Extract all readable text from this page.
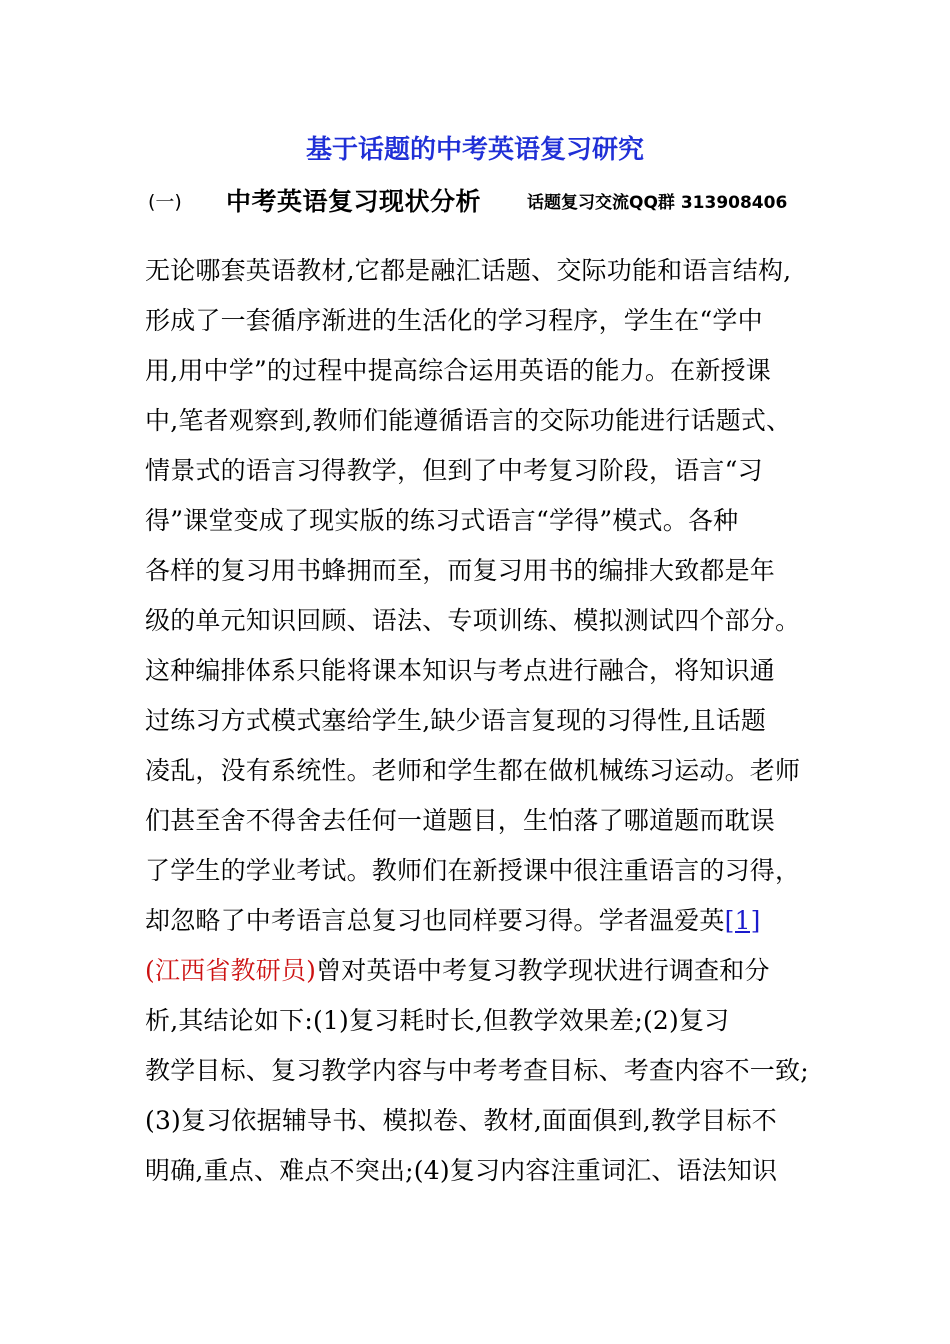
基于话题的中考英语复习研究
(一)	中考英语复习现状分析	话题复习交流QQ群 313908406
无论哪套英语教材,它都是融汇话题、交际功能和语言结构,
形成了一套循序渐进的生活化的学习程序，学生在“学中
用,用中学”的过程中提高综合运用英语的能力。在新授课
中,笔者观察到,教师们能遵循语言的交际功能进行话题式、
情景式的语言习得教学，但到了中考复习阶段，语言“习
得”课堂变成了现实版的练习式语言“学得”模式。各种
各样的复习用书蜂拥而至，而复习用书的编排大致都是年
级的单元知识回顾、语法、专项训练、模拟测试四个部分。
这种编排体系只能将课本知识与考点进行融合，将知识通
过练习方式模式塞给学生,缺少语言复现的习得性,且话题
凌乱，没有系统性。老师和学生都在做机械练习运动。老师
们甚至舍不得舍去任何一道题目，生怕落了哪道题而耽误
了学生的学业考试。教师们在新授课中很注重语言的习得，
却忽略了中考语言总复习也同样要习得。学者温爱英[1]
(江西省教研员)曾对英语中考复习教学现状进行调查和分
析,其结论如下:(1)复习耗时长,但教学效果差;(2)复习
教学目标、复习教学内容与中考考查目标、考查内容不一致;
(3)复习依据辅导书、模拟卷、教材,面面俱到,教学目标不
明确,重点、难点不突出;(4)复习内容注重词汇、语法知识
